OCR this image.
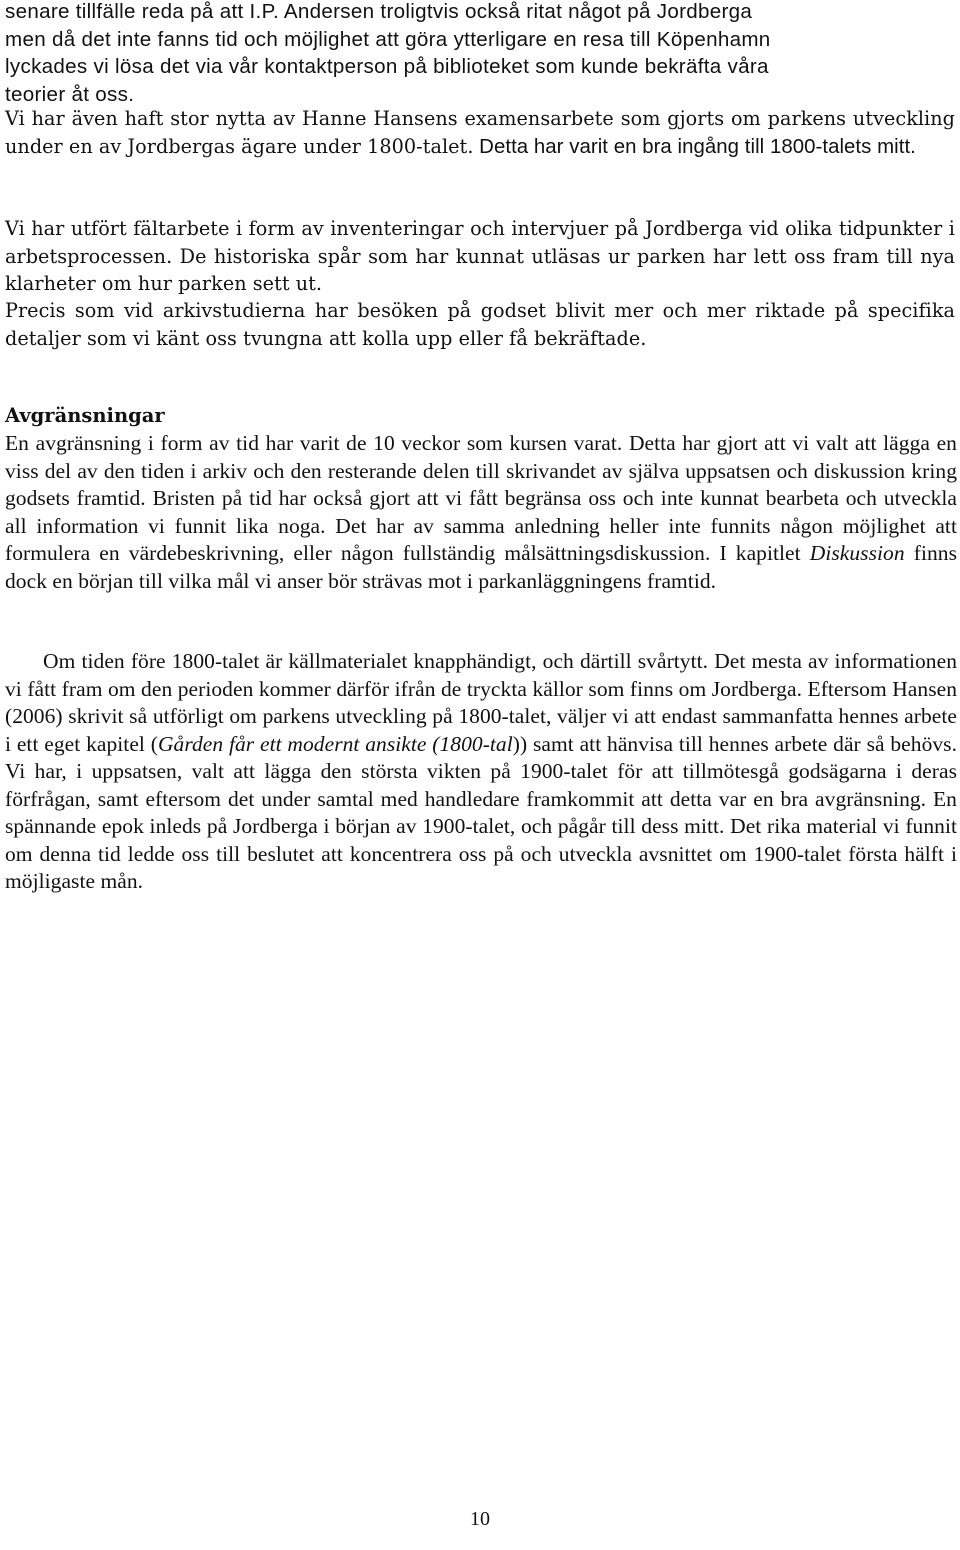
senare tillfälle reda på att I.P. Andersen troligtvis också ritat något på Jordberga
men då det inte fanns tid och möjlighet att göra ytterligare en resa till Köpenhamn
lyckades vi lösa det via vår kontaktperson på biblioteket som kunde bekräfta våra
teorier åt oss.

Vi har även haft stor nytta av Hanne Hansens examensarbete som gjorts om parkens utveckling under en av Jordbergas ägare under 1800-talet. Detta har varit en bra ingång till 1800-talets mitt.

Vi har utfört fältarbete i form av inventeringar och intervjuer på Jordberga vid olika tidpunkter i arbetsprocessen. De historiska spår som har kunnat utläsas ur parken har lett oss fram till nya klarheter om hur parken sett ut.

Precis som vid arkivstudierna har besöken på godset blivit mer och mer riktade på specifika detaljer som vi känt oss tvungna att kolla upp eller få bekräftade.

Avgränsningar

En avgränsning i form av tid har varit de 10 veckor som kursen varat. Detta har gjort att vi valt att lägga en viss del av den tiden i arkiv och den resterande delen till skrivandet av själva uppsatsen och diskussion kring godsets framtid. Bristen på tid har också gjort att vi fått begränsa oss och inte kunnat bearbeta och utveckla all information vi funnit lika noga. Det har av samma anledning heller inte funnits någon möjlighet att formulera en värdebeskrivning, eller någon fullständig målsättningsdiskussion. I kapitlet Diskussion finns dock en början till vilka mål vi anser bör strävas mot i parkanläggningens framtid.

Om tiden före 1800-talet är källmaterialet knapphändigt, och därtill svårtytt. Det mesta av informationen vi fått fram om den perioden kommer därför ifrån de tryckta källor som finns om Jordberga. Eftersom Hansen (2006) skrivit så utförligt om parkens utveckling på 1800-talet, väljer vi att endast sammanfatta hennes arbete i ett eget kapitel (Gården får ett modernt ansikte (1800-tal)) samt att hänvisa till hennes arbete där så behövs. Vi har, i uppsatsen, valt att lägga den största vikten på 1900-talet för att tillmötesgå godsägarna i deras förfrågan, samt eftersom det under samtal med handledare framkommit att detta var en bra avgränsning. En spännande epok inleds på Jordberga i början av 1900-talet, och pågår till dess mitt. Det rika material vi funnit om denna tid ledde oss till beslutet att koncentrera oss på och utveckla avsnittet om 1900-talet första hälft i möjligaste mån.

10
